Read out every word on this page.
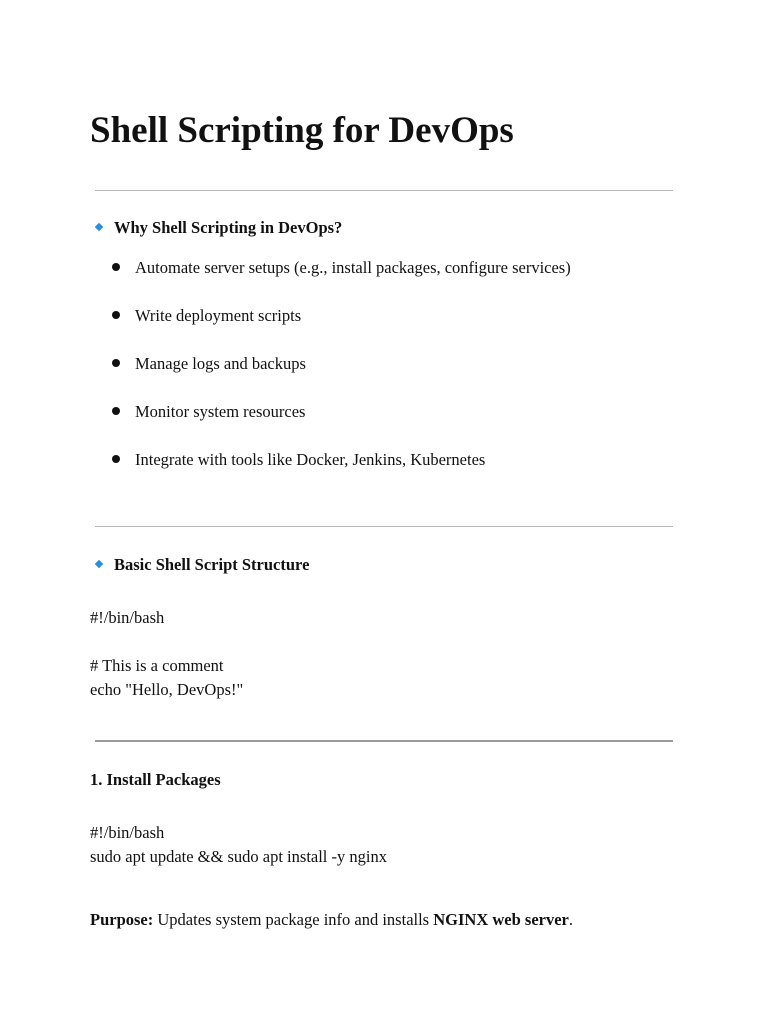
Shell Scripting for DevOps
Why Shell Scripting in DevOps?
Automate server setups (e.g., install packages, configure services)
Write deployment scripts
Manage logs and backups
Monitor system resources
Integrate with tools like Docker, Jenkins, Kubernetes
Basic Shell Script Structure
#!/bin/bash
# This is a comment
echo "Hello, DevOps!"
1. Install Packages
#!/bin/bash
sudo apt update && sudo apt install -y nginx
Purpose: Updates system package info and installs NGINX web server.
